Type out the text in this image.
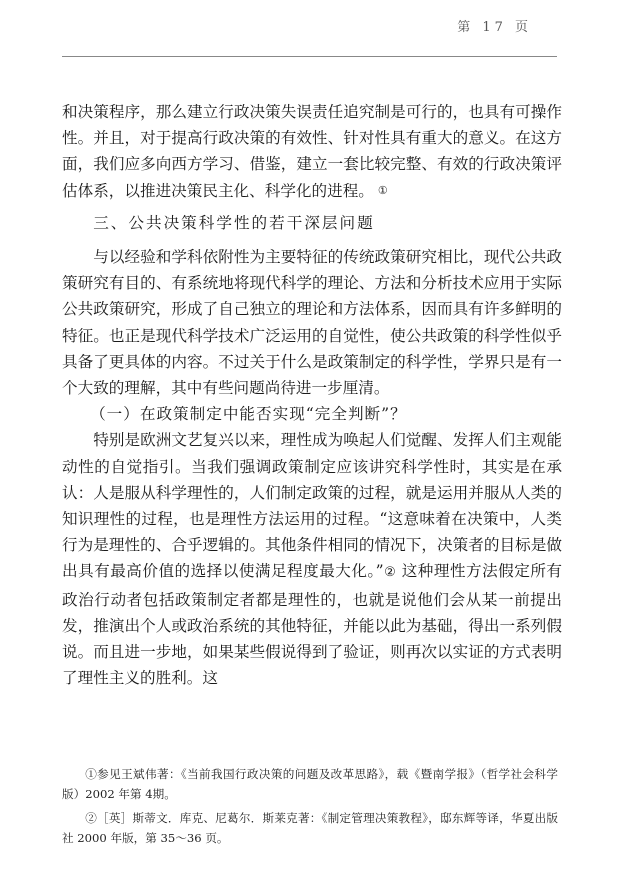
第 17 页

和决策程序，那么建立行政决策失误责任追究制是可行的，也具有可操作性。并且，对于提高行政决策的有效性、针对性具有重大的意义。在这方面，我们应多向西方学习、借鉴，建立一套比较完整、有效的行政决策评估体系，以推进决策民主化、科学化的进程。 ①

三、公共决策科学性的若干深层问题

与以经验和学科依附性为主要特征的传统政策研究相比，现代公共政策研究有目的、有系统地将现代科学的理论、方法和分析技术应用于实际公共政策研究，形成了自己独立的理论和方法体系，因而具有许多鲜明的特征。也正是现代科学技术广泛运用的自觉性，使公共政策的科学性似乎具备了更具体的内容。不过关于什么是政策制定的科学性，学界只是有一个大致的理解，其中有些问题尚待进一步厘清。

（一）在政策制定中能否实现“完全判断”？

特别是欧洲文艺复兴以来，理性成为唤起人们觉醒、发挥人们主观能动性的自觉指引。当我们强调政策制定应该讲究科学性时，其实是在承认：人是服从科学理性的，人们制定政策的过程，就是运用并服从人类的知识理性的过程，也是理性方法运用的过程。“这意味着在决策中，人类行为是理性的、合乎逻辑的。其他条件相同的情况下，决策者的目标是做出具有最高价值的选择以使满足程度最大化。”② 这种理性方法假定所有政治行动者包括政策制定者都是理性的，也就是说他们会从某一前提出发，推演出个人或政治系统的其他特征，并能以此为基础，得出一系列假说。而且进一步地，如果某些假说得到了验证，则再次以实证的方式表明了理性主义的胜利。这

①参见王斌伟著：《当前我国行政决策的问题及改革思路》，载《暨南学报》（哲学社会科学版）2002 年第 4期。

②［英］斯蒂文．库克、尼葛尔．斯莱克著：《制定管理决策教程》，邸东辉等译，华夏出版社 2000 年版，第 35～36 页。
